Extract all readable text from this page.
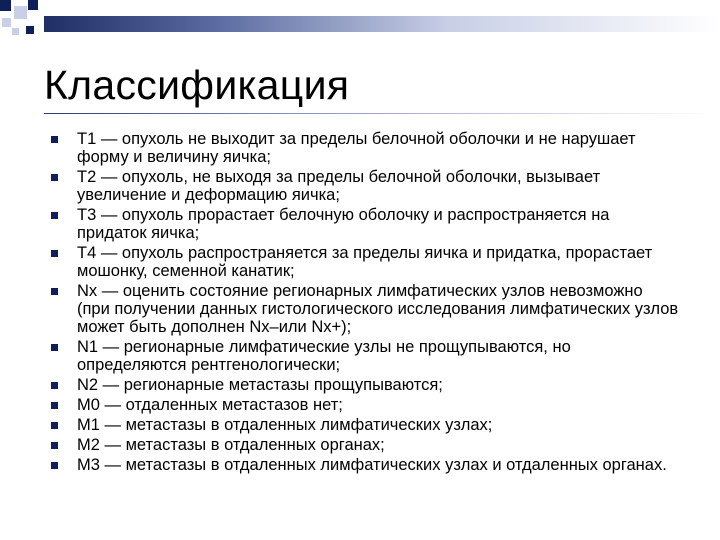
Классификация
Т1 — опухоль не выходит за пределы белочной оболочки и не нарушает форму и величину яичка;
Т2 — опухоль, не выходя за пределы белочной оболочки, вызывает увеличение и деформацию яичка;
Т3 — опухоль прорастает белочную оболочку и распространяется на придаток яичка;
Т4 — опухоль распространяется за пределы яичка и придатка, прорастает мошонку, семенной канатик;
Nx — оценить состояние регионарных лимфатических узлов невозможно (при получении данных гистологического исследования лимфатических узлов может быть дополнен Nx–или Nx+);
N1 — регионарные лимфатические узлы не прощупываются, но определяются рентгенологически;
N2 — регионарные метастазы прощупываются;
М0 — отдаленных метастазов нет;
М1 — метастазы в отдаленных лимфатических узлах;
М2 — метастазы в отдаленных органах;
М3 — метастазы в отдаленных лимфатических узлах и отдаленных органах.
